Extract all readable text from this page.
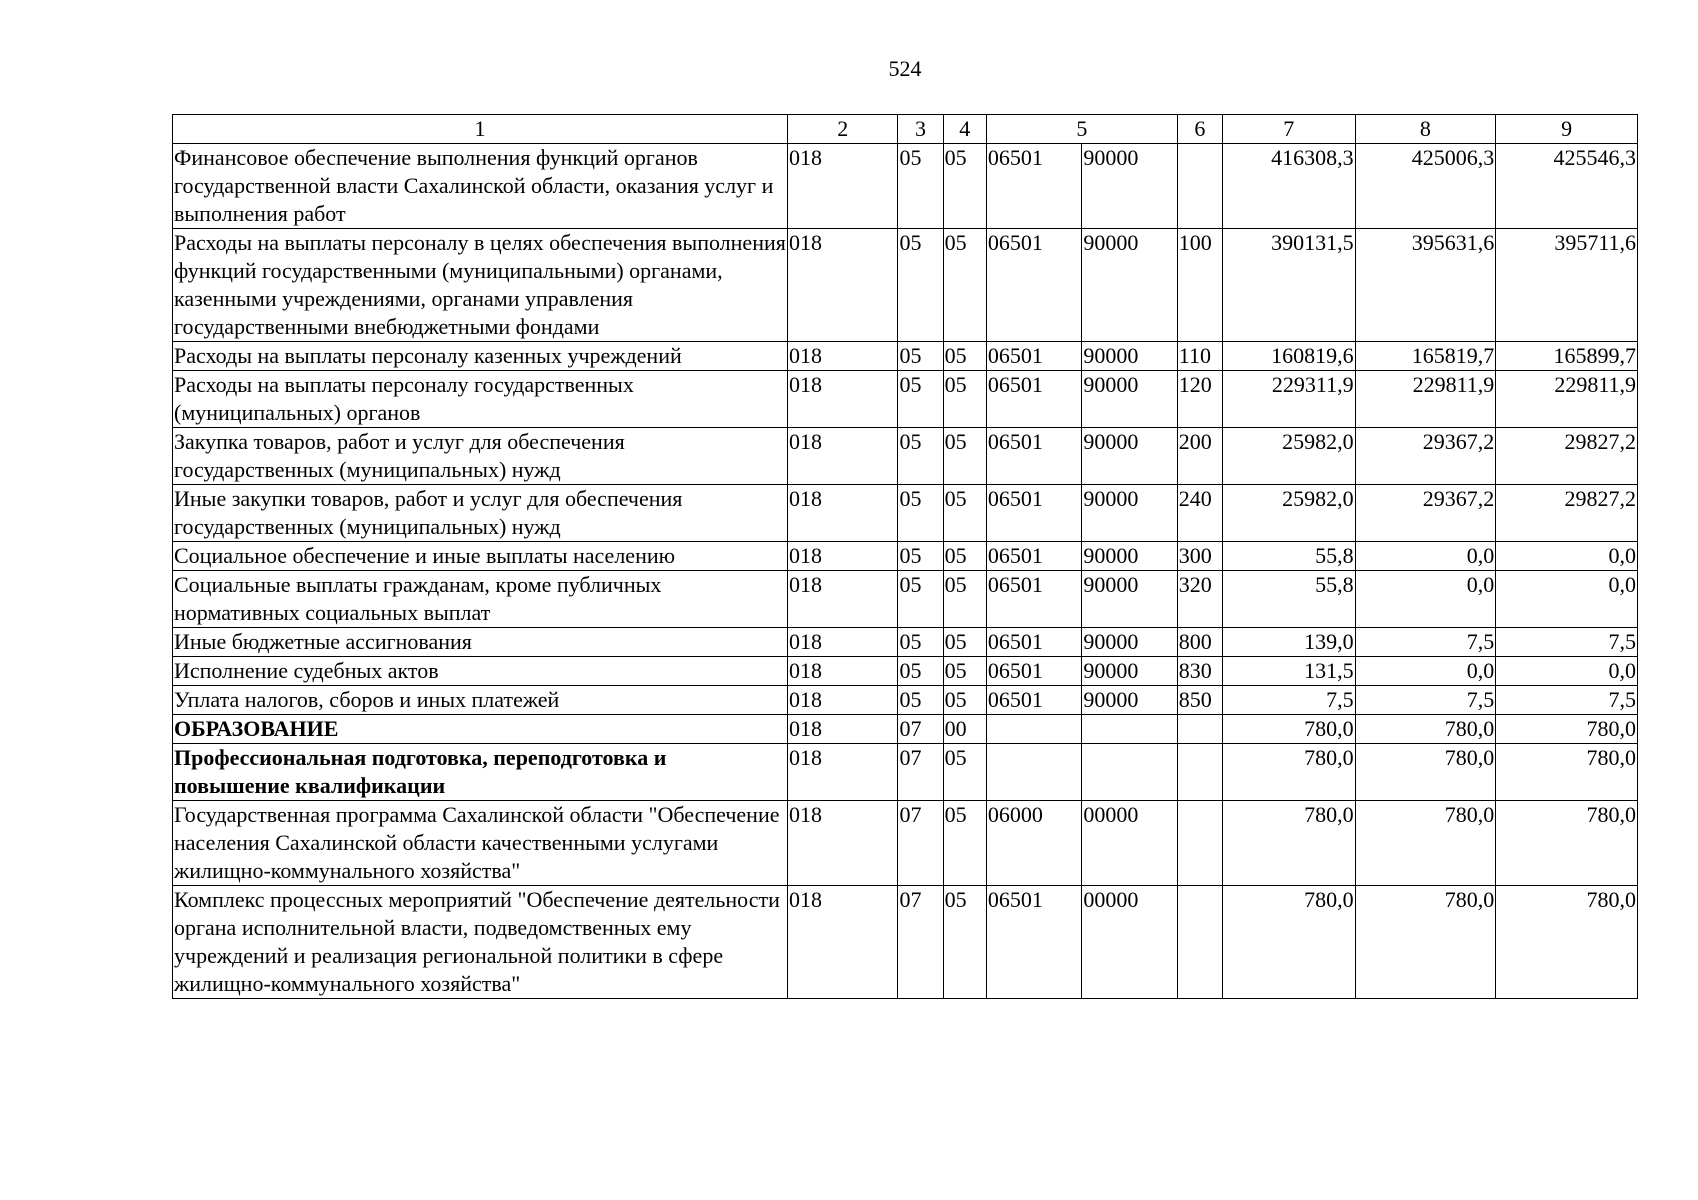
524
1	2	3	4	5		6	7	8	9
Финансовое обеспечение выполнения функций органов государственной власти Сахалинской области, оказания услуг и выполнения работ	018	05	05	06501	90000		416308,3	425006,3	425546,3
Расходы на выплаты персоналу в целях обеспечения выполнения функций государственными (муниципальными) органами, казенными учреждениями, органами управления государственными внебюджетными фондами	018	05	05	06501	90000	100	390131,5	395631,6	395711,6
Расходы на выплаты персоналу казенных учреждений	018	05	05	06501	90000	110	160819,6	165819,7	165899,7
Расходы на выплаты персоналу государственных (муниципальных) органов	018	05	05	06501	90000	120	229311,9	229811,9	229811,9
Закупка товаров, работ и услуг для обеспечения государственных (муниципальных) нужд	018	05	05	06501	90000	200	25982,0	29367,2	29827,2
Иные закупки товаров, работ и услуг для обеспечения государственных (муниципальных) нужд	018	05	05	06501	90000	240	25982,0	29367,2	29827,2
Социальное обеспечение и иные выплаты населению	018	05	05	06501	90000	300	55,8	0,0	0,0
Социальные выплаты гражданам, кроме публичных нормативных социальных выплат	018	05	05	06501	90000	320	55,8	0,0	0,0
Иные бюджетные ассигнования	018	05	05	06501	90000	800	139,0	7,5	7,5
Исполнение судебных актов	018	05	05	06501	90000	830	131,5	0,0	0,0
Уплата налогов, сборов и иных платежей	018	05	05	06501	90000	850	7,5	7,5	7,5
ОБРАЗОВАНИЕ	018	07	00				780,0	780,0	780,0
Профессиональная подготовка, переподготовка и повышение квалификации	018	07	05				780,0	780,0	780,0
Государственная программа Сахалинской области "Обеспечение населения Сахалинской области качественными услугами жилищно-коммунального хозяйства"	018	07	05	06000	00000		780,0	780,0	780,0
Комплекс процессных мероприятий "Обеспечение деятельности органа исполнительной власти, подведомственных ему учреждений и реализация региональной политики в сфере жилищно-коммунального хозяйства"	018	07	05	06501	00000		780,0	780,0	780,0
